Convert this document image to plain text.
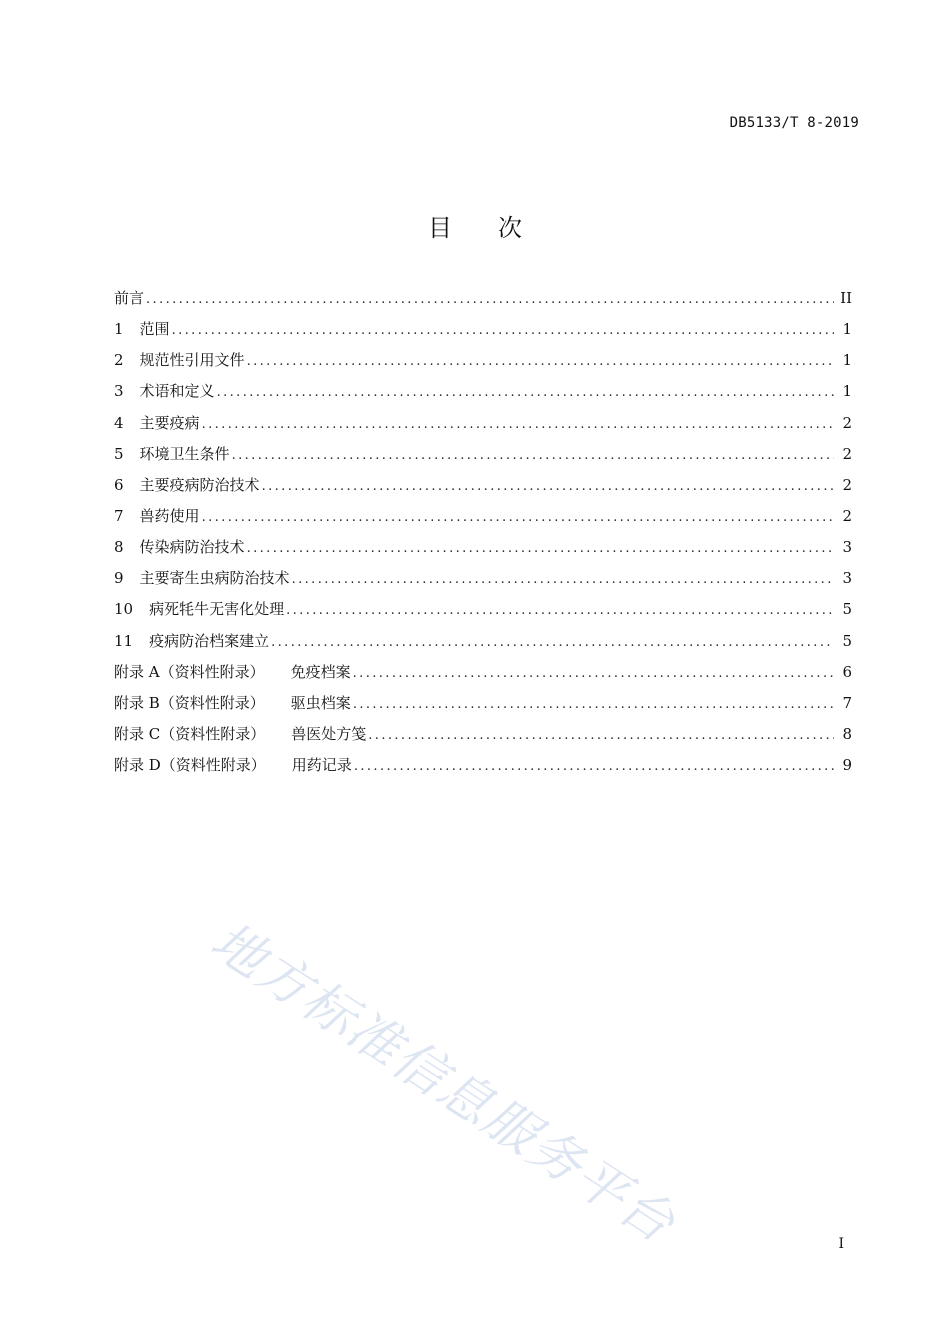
DB5133/T 8-2019
目 次
前言 .....	II
1 范围 .....	1
2 规范性引用文件 .....	1
3 术语和定义 .....	1
4 主要疫病 .....	2
5 环境卫生条件 .....	2
6 主要疫病防治技术 .....	2
7 兽药使用 .....	2
8 传染病防治技术 .....	3
9 主要寄生虫病防治技术 .....	3
10 病死牦牛无害化处理 .....	5
11 疫病防治档案建立 .....	5
附录 A（资料性附录） 免疫档案 .....	6
附录 B（资料性附录） 驱虫档案 .....	7
附录 C（资料性附录） 兽医处方笺 .....	8
附录 D（资料性附录） 用药记录 .....	9
地方标准信息服务平台	I
